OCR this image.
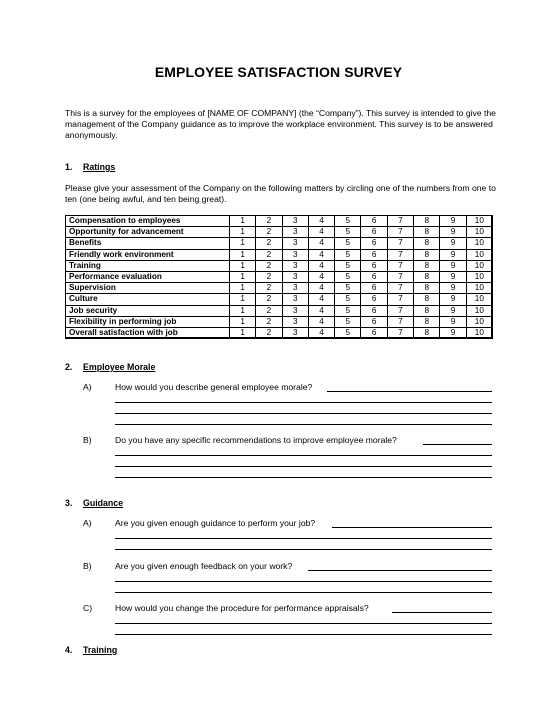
EMPLOYEE SATISFACTION SURVEY
This is a survey for the employees of [NAME OF COMPANY] (the “Company”). This survey is intended to give the management of the Company guidance as to improve the workplace environment. This survey is to be answered anonymously.
1. Ratings
Please give your assessment of the Company on the following matters by circling one of the numbers from one to ten (one being awful, and ten being great).
Compensation to employees	1	2	3	4	5	6	7	8	9	10
Opportunity for advancement	1	2	3	4	5	6	7	8	9	10
Benefits	1	2	3	4	5	6	7	8	9	10
Friendly work environment	1	2	3	4	5	6	7	8	9	10
Training	1	2	3	4	5	6	7	8	9	10
Performance evaluation	1	2	3	4	5	6	7	8	9	10
Supervision	1	2	3	4	5	6	7	8	9	10
Culture	1	2	3	4	5	6	7	8	9	10
Job security	1	2	3	4	5	6	7	8	9	10
Flexibility in performing job	1	2	3	4	5	6	7	8	9	10
Overall satisfaction with job	1	2	3	4	5	6	7	8	9	10
2. Employee Morale
A)	How would you describe general employee morale?
B)	Do you have any specific recommendations to improve employee morale?
3. Guidance
A)	Are you given enough guidance to perform your job?
B)	Are you given enough feedback on your work?
C)	How would you change the procedure for performance appraisals?
4. Training
